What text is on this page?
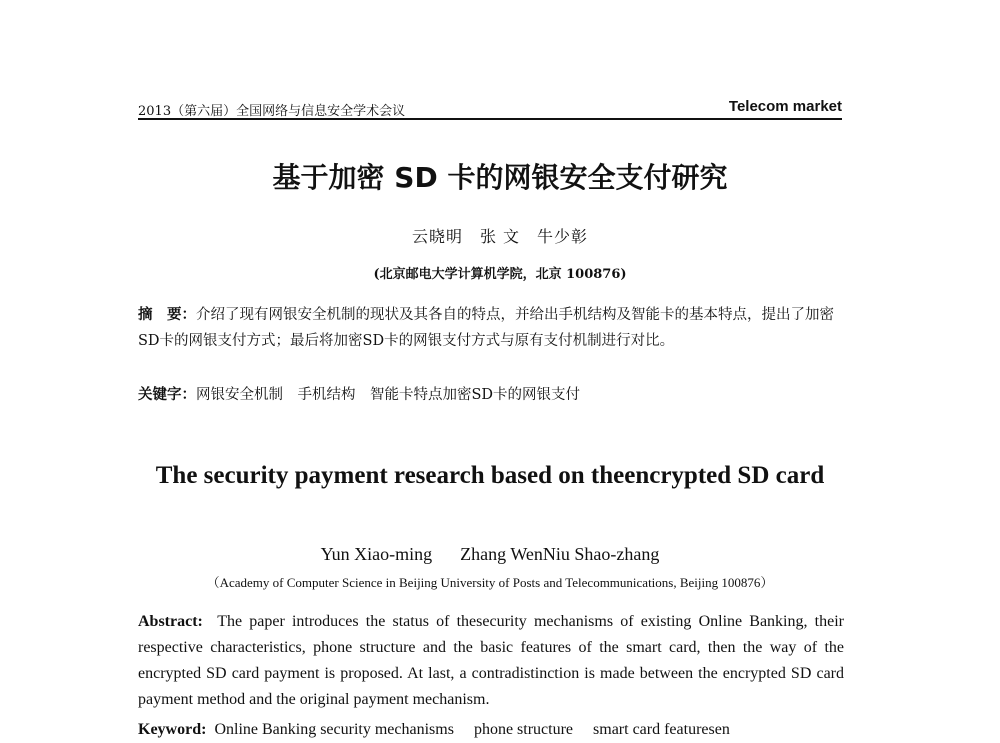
2013（第六届）全国网络与信息安全学术会议	Telecom market
基于加密 SD 卡的网银安全支付研究
云晓明　张 文　牛少彰
(北京邮电大学计算机学院，北京 100876)
摘　要：介绍了现有网银安全机制的现状及其各自的特点，并给出手机结构及智能卡的基本特点，提出了加密SD卡的网银支付方式；最后将加密SD卡的网银支付方式与原有支付机制进行对比。
关键字：网银安全机制　手机结构　智能卡特点加密SD卡的网银支付
The security payment research based on theencrypted SD card
Yun Xiao-ming Zhang WenNiu Shao-zhang
（Academy of Computer Science in Beijing University of Posts and Telecommunications, Beijing 100876）
Abstract: The paper introduces the status of thesecurity mechanisms of existing Online Banking, their respective characteristics, phone structure and the basic features of the smart card, then the way of the encrypted SD card payment is proposed. At last, a contradistinction is made between the encrypted SD card payment method and the original payment mechanism.
Keyword: Online Banking security mechanisms　 phone structure　 smart card featuresen
